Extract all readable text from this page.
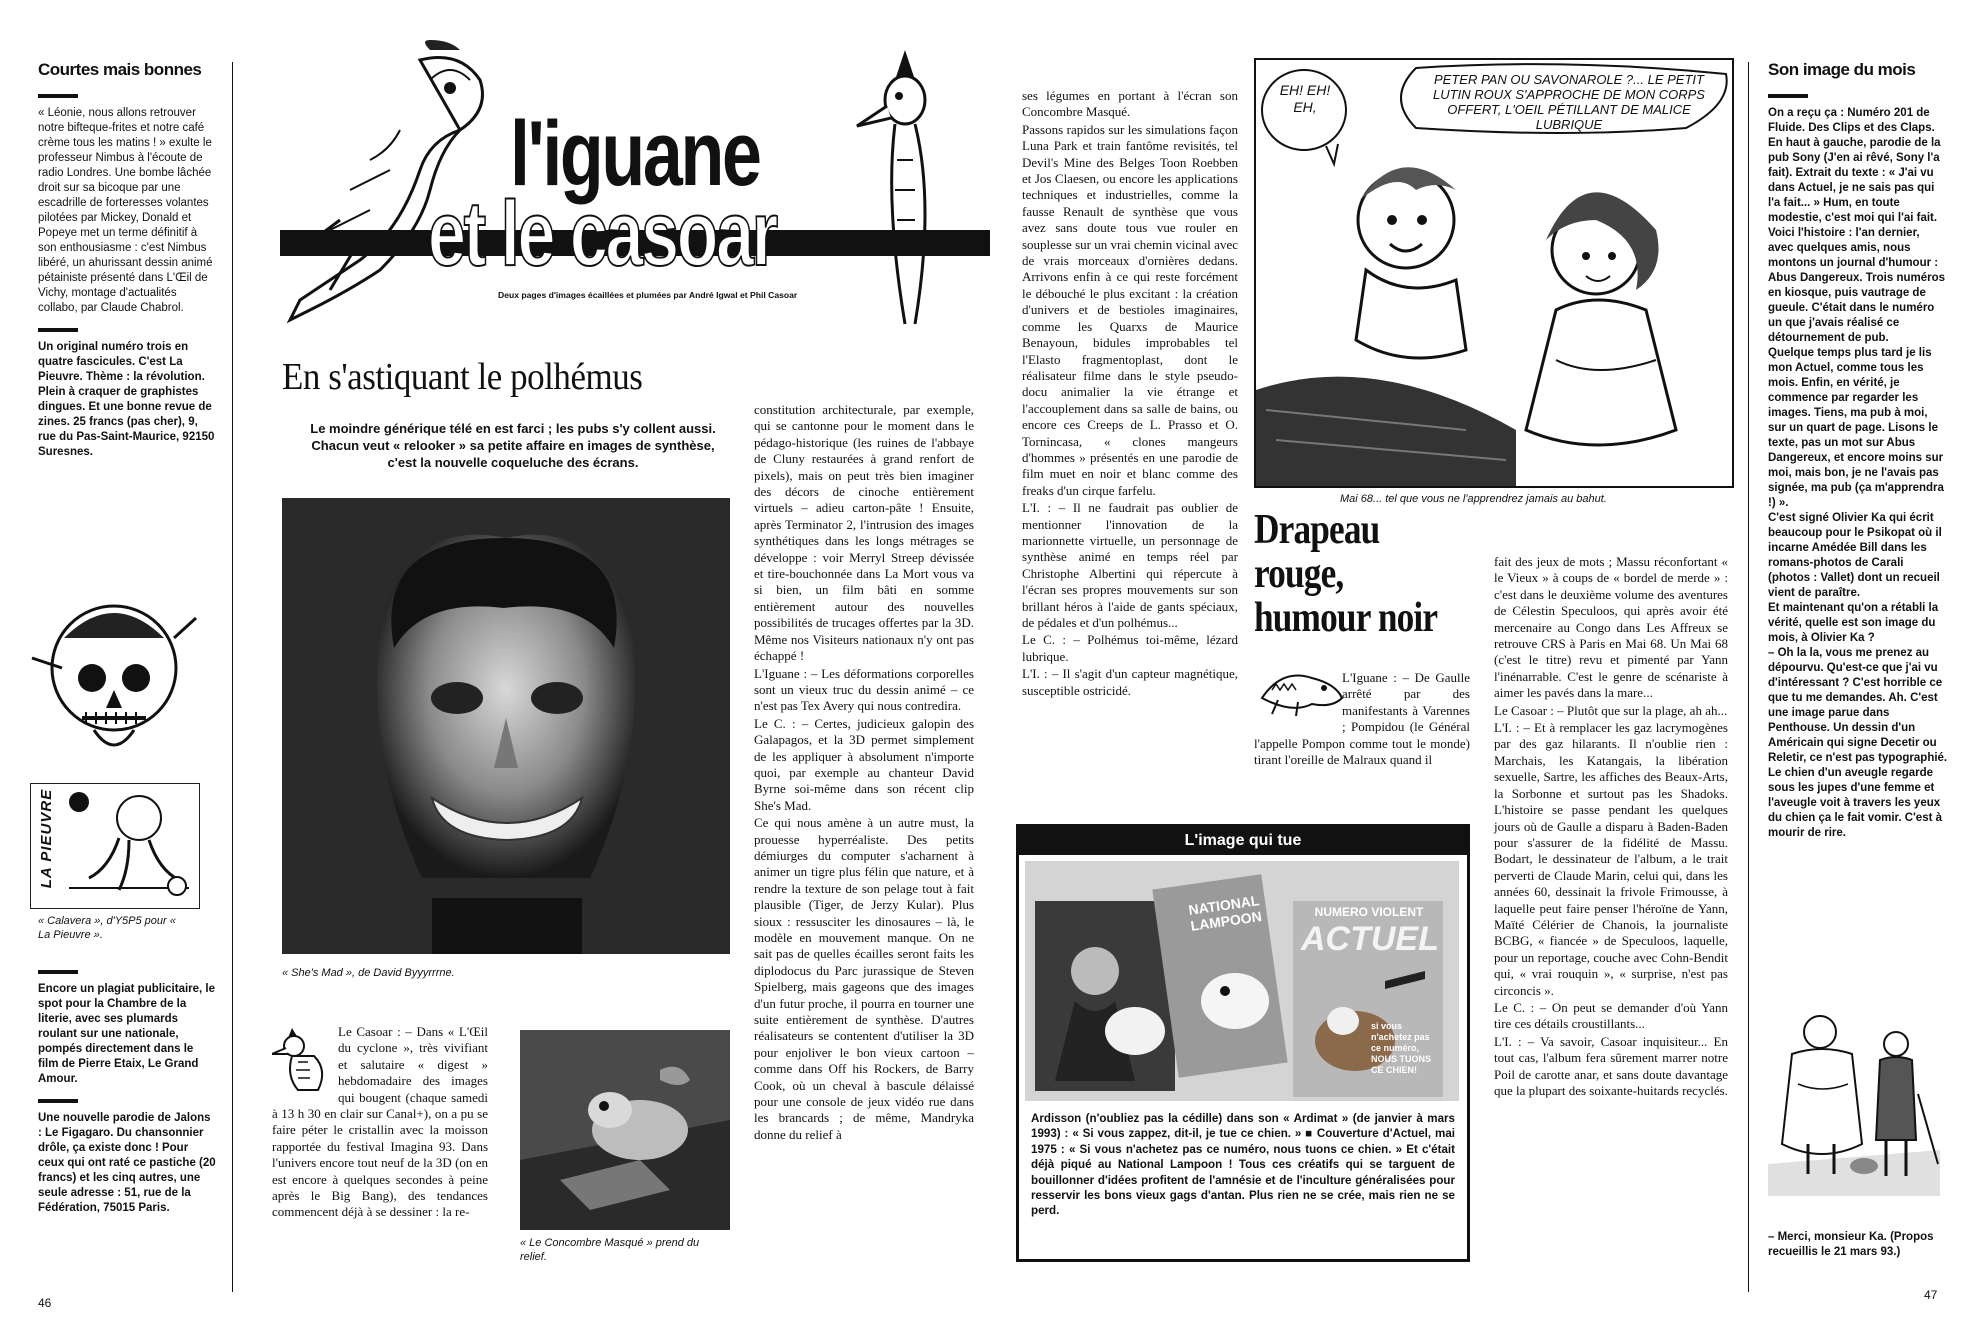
Courtes mais bonnes
« Léonie, nous allons retrouver notre bifteque-frites et notre café crème tous les matins ! » exulte le professeur Nimbus à l'écoute de radio Londres. Une bombe lâchée droit sur sa bicoque par une escadrille de forteresses volantes pilotées par Mickey, Donald et Popeye met un terme définitif à son enthousiasme : c'est Nimbus libéré, un ahurissant dessin animé pétainiste présenté dans L'Œil de Vichy, montage d'actualités collabo, par Claude Chabrol.
Un original numéro trois en quatre fascicules. C'est La Pieuvre. Thème : la révolution. Plein à craquer de graphistes dingues. Et une bonne revue de zines. 25 francs (pas cher), 9, rue du Pas-Saint-Maurice, 92150 Suresnes.
LA PIEUVRE
« Calavera », d'Y5P5 pour « La Pieuvre ».
Encore un plagiat publicitaire, le spot pour la Chambre de la literie, avec ses plumards roulant sur une nationale, pompés directement dans le film de Pierre Etaix, Le Grand Amour.
Une nouvelle parodie de Jalons : Le Figagaro. Du chansonnier drôle, ça existe donc ! Pour ceux qui ont raté ce pastiche (20 francs) et les cinq autres, une seule adresse : 51, rue de la Fédération, 75015 Paris.
l'iguane
et le casoar
Deux pages d'images écaillées et plumées par André Igwal et Phil Casoar
En s'astiquant le polhémus
Le moindre générique télé en est farci ; les pubs s'y collent aussi. Chacun veut « relooker » sa petite affaire en images de synthèse, c'est la nouvelle coqueluche des écrans.
« She's Mad », de David Byyyrrrne.
Le Casoar : – Dans « L'Œil du cyclone », très vivifiant et salutaire « digest » hebdomadaire des images qui bougent (chaque samedi à 13 h 30 en clair sur Canal+), on a pu se faire péter le cristallin avec la moisson rapportée du festival Imagina 93. Dans l'univers encore tout neuf de la 3D (on en est encore à quelques secondes à peine après le Big Bang), des tendances commencent déjà à se dessiner : la re-
« Le Concombre Masqué » prend du relief.

constitution architecturale, par exemple, qui se cantonne pour le moment dans le pédago-historique (les ruines de l'abbaye de Cluny restaurées à grand renfort de pixels), mais on peut très bien imaginer des décors de cinoche entièrement virtuels – adieu carton-pâte ! Ensuite, après Terminator 2, l'intrusion des images synthétiques dans les longs métrages se développe : voir Merryl Streep dévissée et tire-bouchonnée dans La Mort vous va si bien, un film bâti en somme entièrement autour des nouvelles possibilités de trucages offertes par la 3D. Même nos Visiteurs nationaux n'y ont pas échappé !

L'Iguane : – Les déformations corporelles sont un vieux truc du dessin animé – ce n'est pas Tex Avery qui nous contredira.

Le C. : – Certes, judicieux galopin des Galapagos, et la 3D permet simplement de les appliquer à absolument n'importe quoi, par exemple au chanteur David Byrne soi-même dans son récent clip She's Mad.

Ce qui nous amène à un autre must, la prouesse hyperréaliste. Des petits démiurges du computer s'acharnent à animer un tigre plus félin que nature, et à rendre la texture de son pelage tout à fait plausible (Tiger, de Jerzy Kular). Plus sioux : ressusciter les dinosaures – là, le modèle en mouvement manque. On ne sait pas de quelles écailles seront faits les diplodocus du Parc jurassique de Steven Spielberg, mais gageons que des images d'un futur proche, il pourra en tourner une suite entièrement de synthèse. D'autres réalisateurs se contentent d'utiliser la 3D pour enjoliver le bon vieux cartoon – comme dans Off his Rockers, de Barry Cook, où un cheval à bascule délaissé pour une console de jeux vidéo rue dans les brancards ; de même, Mandryka donne du relief à

ses légumes en portant à l'écran son Concombre Masqué.

Passons rapidos sur les simulations façon Luna Park et train fantôme revisités, tel Devil's Mine des Belges Toon Roebben et Jos Claesen, ou encore les applications techniques et industrielles, comme la fausse Renault de synthèse que vous avez sans doute tous vue rouler en souplesse sur un vrai chemin vicinal avec de vrais morceaux d'ornières dedans. Arrivons enfin à ce qui reste forcément le débouché le plus excitant : la création d'univers et de bestioles imaginaires, comme les Quarxs de Maurice Benayoun, bidules improbables tel l'Elasto fragmentoplast, dont le réalisateur filme dans le style pseudo-docu animalier la vie étrange et l'accouplement dans sa salle de bains, ou encore ces Creeps de L. Prasso et O. Tornincasa, « clones mangeurs d'hommes » présentés en une parodie de film muet en noir et blanc comme des freaks d'un cirque farfelu.

L'I. : – Il ne faudrait pas oublier de mentionner l'innovation de la marionnette virtuelle, un personnage de synthèse animé en temps réel par Christophe Albertini qui répercute à l'écran ses propres mouvements sur son brillant héros à l'aide de gants spéciaux, de pédales et d'un polhémus...

Le C. : – Polhémus toi-même, lézard lubrique.

L'I. : – Il s'agit d'un capteur magnétique, susceptible ostricidé.

EH! EH! EH,
PETER PAN OU SAVONAROLE ?... LE PETIT LUTIN ROUX S'APPROCHE DE MON CORPS OFFERT, L'OEIL PÉTILLANT DE MALICE LUBRIQUE
Mai 68... tel que vous ne l'apprendrez jamais au bahut.
Drapeau
rouge,
humour noir
L'Iguane : – De Gaulle arrêté par des manifestants à Varennes ; Pompidou (le Général l'appelle Pompon comme tout le monde) tirant l'oreille de Malraux quand il

fait des jeux de mots ; Massu réconfortant « le Vieux » à coups de « bordel de merde » : c'est dans le deuxième volume des aventures de Célestin Speculoos, qui après avoir été mercenaire au Congo dans Les Affreux se retrouve CRS à Paris en Mai 68. Un Mai 68 (c'est le titre) revu et pimenté par Yann l'inénarrable. C'est le genre de scénariste à aimer les pavés dans la mare...

Le Casoar : – Plutôt que sur la plage, ah ah...

L'I. : – Et à remplacer les gaz lacrymogènes par des gaz hilarants. Il n'oublie rien : Marchais, les Katangais, la libération sexuelle, Sartre, les affiches des Beaux-Arts, la Sorbonne et surtout pas les Shadoks. L'histoire se passe pendant les quelques jours où de Gaulle a disparu à Baden-Baden pour s'assurer de la fidélité de Massu. Bodart, le dessinateur de l'album, a le trait perverti de Claude Marin, celui qui, dans les années 60, dessinait la frivole Frimousse, à laquelle peut faire penser l'héroïne de Yann, Maïté Célérier de Chanois, la journaliste BCBG, « fiancée » de Speculoos, laquelle, pour un reportage, couche avec Cohn-Bendit qui, « vrai rouquin », « surprise, n'est pas circoncis ».

Le C. : – On peut se demander d'où Yann tire ces détails croustillants...

L'I. : – Va savoir, Casoar inquisiteur... En tout cas, l'album fera sûrement marrer notre Poil de carotte anar, et sans doute davantage que la plupart des soixante-huitards recyclés.

L'image qui tue
NATIONAL LAMPOON	NUMERO VIOLENT
ACTUEL
si vous n'achetez pas ce numéro, NOUS TUONS CE CHIEN!
Ardisson (n'oubliez pas la cédille) dans son « Ardimat » (de janvier à mars 1993) : « Si vous zappez, dit-il, je tue ce chien. » ■ Couverture d'Actuel, mai 1975 : « Si vous n'achetez pas ce numéro, nous tuons ce chien. » Et c'était déjà piqué au National Lampoon ! Tous ces créatifs qui se targuent de bouillonner d'idées profitent de l'amnésie et de l'inculture généralisées pour resservir les bons vieux gags d'antan. Plus rien ne se crée, mais rien ne se perd.
Son image du mois
On a reçu ça : Numéro 201 de Fluide. Des Clips et des Claps. En haut à gauche, parodie de la pub Sony (J'en ai rêvé, Sony l'a fait). Extrait du texte : « J'ai vu dans Actuel, je ne sais pas qui l'a fait... » Hum, en toute modestie, c'est moi qui l'ai fait. Voici l'histoire : l'an dernier, avec quelques amis, nous montons un journal d'humour : Abus Dangereux. Trois numéros en kiosque, puis vautrage de gueule. C'était dans le numéro un que j'avais réalisé ce détournement de pub.
Quelque temps plus tard je lis mon Actuel, comme tous les mois. Enfin, en vérité, je commence par regarder les images. Tiens, ma pub à moi, sur un quart de page. Lisons le texte, pas un mot sur Abus Dangereux, et encore moins sur moi, mais bon, je ne l'avais pas signée, ma pub (ça m'apprendra !) ».
C'est signé Olivier Ka qui écrit beaucoup pour le Psikopat où il incarne Amédée Bill dans les romans-photos de Carali (photos : Vallet) dont un recueil vient de paraître.
Et maintenant qu'on a rétabli la vérité, quelle est son image du mois, à Olivier Ka ?
– Oh la la, vous me prenez au dépourvu. Qu'est-ce que j'ai vu d'intéressant ? C'est horrible ce que tu me demandes. Ah. C'est une image parue dans Penthouse. Un dessin d'un Américain qui signe Decetir ou Reletir, ce n'est pas typographié. Le chien d'un aveugle regarde sous les jupes d'une femme et l'aveugle voit à travers les yeux du chien ça le fait vomir. C'est à mourir de rire.
– Merci, monsieur Ka. (Propos recueillis le 21 mars 93.)
46
47
